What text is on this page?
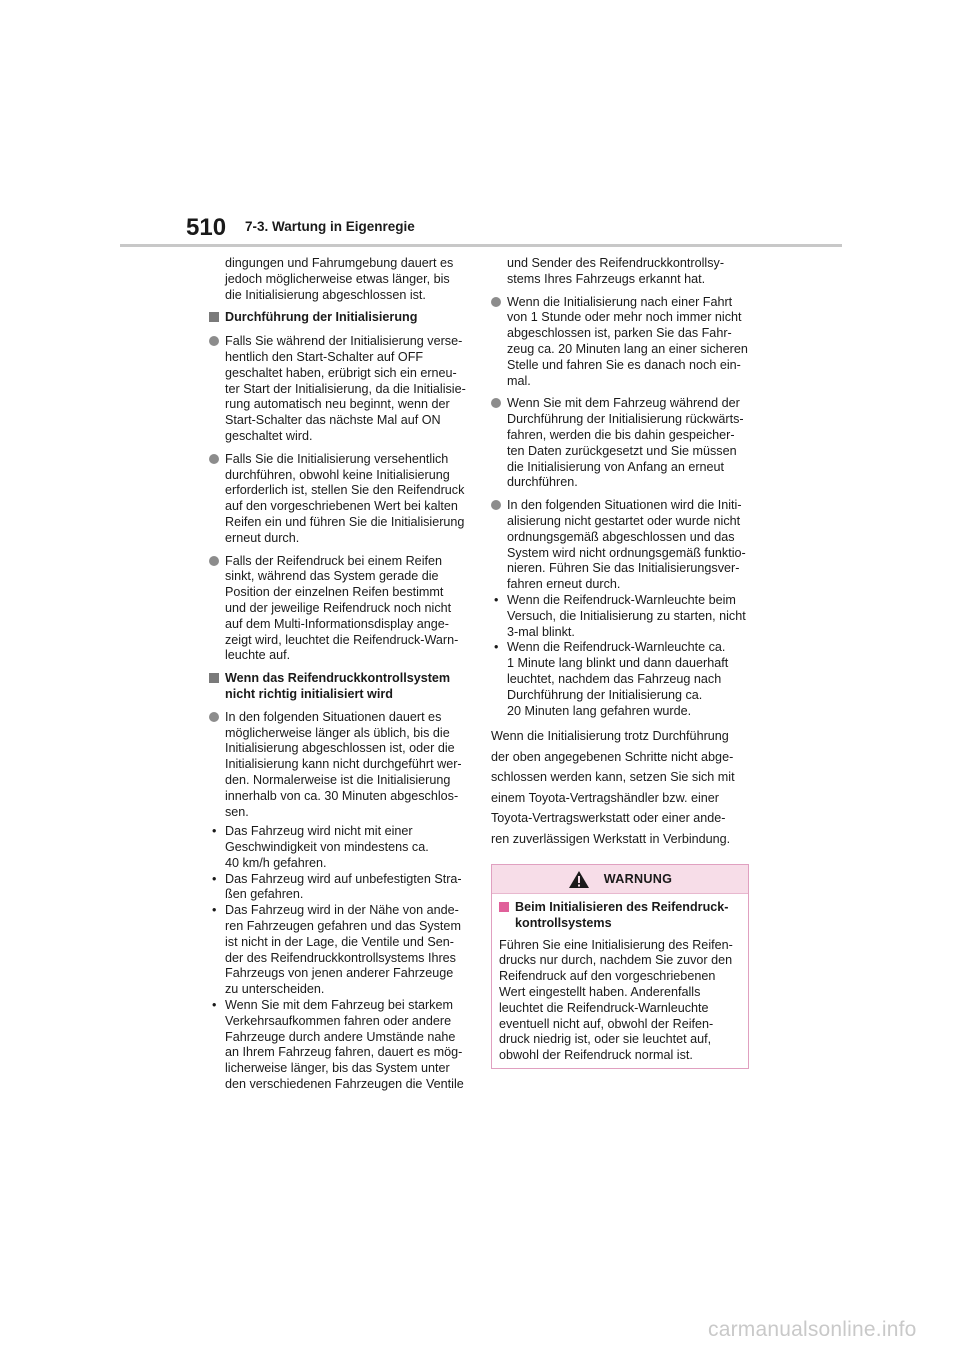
510 7-3. Wartung in Eigenregie
dingungen und Fahrumgebung dauert es
jedoch möglicherweise etwas länger, bis
die Initialisierung abgeschlossen ist.
Durchführung der Initialisierung
Falls Sie während der Initialisierung verse-
hentlich den Start-Schalter auf OFF
geschaltet haben, erübrigt sich ein erneu-
ter Start der Initialisierung, da die Initialisie-
rung automatisch neu beginnt, wenn der
Start-Schalter das nächste Mal auf ON
geschaltet wird.
Falls Sie die Initialisierung versehentlich
durchführen, obwohl keine Initialisierung
erforderlich ist, stellen Sie den Reifendruck
auf den vorgeschriebenen Wert bei kalten
Reifen ein und führen Sie die Initialisierung
erneut durch.
Falls der Reifendruck bei einem Reifen
sinkt, während das System gerade die
Position der einzelnen Reifen bestimmt
und der jeweilige Reifendruck noch nicht
auf dem Multi-Informationsdisplay ange-
zeigt wird, leuchtet die Reifendruck-Warn-
leuchte auf.
Wenn das Reifendruckkontrollsystem
nicht richtig initialisiert wird
In den folgenden Situationen dauert es
möglicherweise länger als üblich, bis die
Initialisierung abgeschlossen ist, oder die
Initialisierung kann nicht durchgeführt wer-
den. Normalerweise ist die Initialisierung
innerhalb von ca. 30 Minuten abgeschlos-
sen.
• Das Fahrzeug wird nicht mit einer
Geschwindigkeit von mindestens ca.
40 km/h gefahren.
• Das Fahrzeug wird auf unbefestigten Stra-
ßen gefahren.
• Das Fahrzeug wird in der Nähe von ande-
ren Fahrzeugen gefahren und das System
ist nicht in der Lage, die Ventile und Sen-
der des Reifendruckkontrollsystems Ihres
Fahrzeugs von jenen anderer Fahrzeuge
zu unterscheiden.
• Wenn Sie mit dem Fahrzeug bei starkem
Verkehrsaufkommen fahren oder andere
Fahrzeuge durch andere Umstände nahe
an Ihrem Fahrzeug fahren, dauert es mög-
licherweise länger, bis das System unter
den verschiedenen Fahrzeugen die Ventile
und Sender des Reifendruckkontrollsy-
stems Ihres Fahrzeugs erkannt hat.
Wenn die Initialisierung nach einer Fahrt
von 1 Stunde oder mehr noch immer nicht
abgeschlossen ist, parken Sie das Fahr-
zeug ca. 20 Minuten lang an einer sicheren
Stelle und fahren Sie es danach noch ein-
mal.
Wenn Sie mit dem Fahrzeug während der
Durchführung der Initialisierung rückwärts-
fahren, werden die bis dahin gespeicher-
ten Daten zurückgesetzt und Sie müssen
die Initialisierung von Anfang an erneut
durchführen.
In den folgenden Situationen wird die Initi-
alisierung nicht gestartet oder wurde nicht
ordnungsgemäß abgeschlossen und das
System wird nicht ordnungsgemäß funktio-
nieren. Führen Sie das Initialisierungsver-
fahren erneut durch.
• Wenn die Reifendruck-Warnleuchte beim
Versuch, die Initialisierung zu starten, nicht
3-mal blinkt.
• Wenn die Reifendruck-Warnleuchte ca.
1 Minute lang blinkt und dann dauerhaft
leuchtet, nachdem das Fahrzeug nach
Durchführung der Initialisierung ca.
20 Minuten lang gefahren wurde.
Wenn die Initialisierung trotz Durchführung
der oben angegebenen Schritte nicht abge-
schlossen werden kann, setzen Sie sich mit
einem Toyota-Vertragshändler bzw. einer
Toyota-Vertragswerkstatt oder einer ande-
ren zuverlässigen Werkstatt in Verbindung.
WARNUNG
Beim Initialisieren des Reifendruck-
kontrollsystems
Führen Sie eine Initialisierung des Reifen-
drucks nur durch, nachdem Sie zuvor den
Reifendruck auf den vorgeschriebenen
Wert eingestellt haben. Anderenfalls
leuchtet die Reifendruck-Warnleuchte
eventuell nicht auf, obwohl der Reifen-
druck niedrig ist, oder sie leuchtet auf,
obwohl der Reifendruck normal ist.
carmanualsonline.info
